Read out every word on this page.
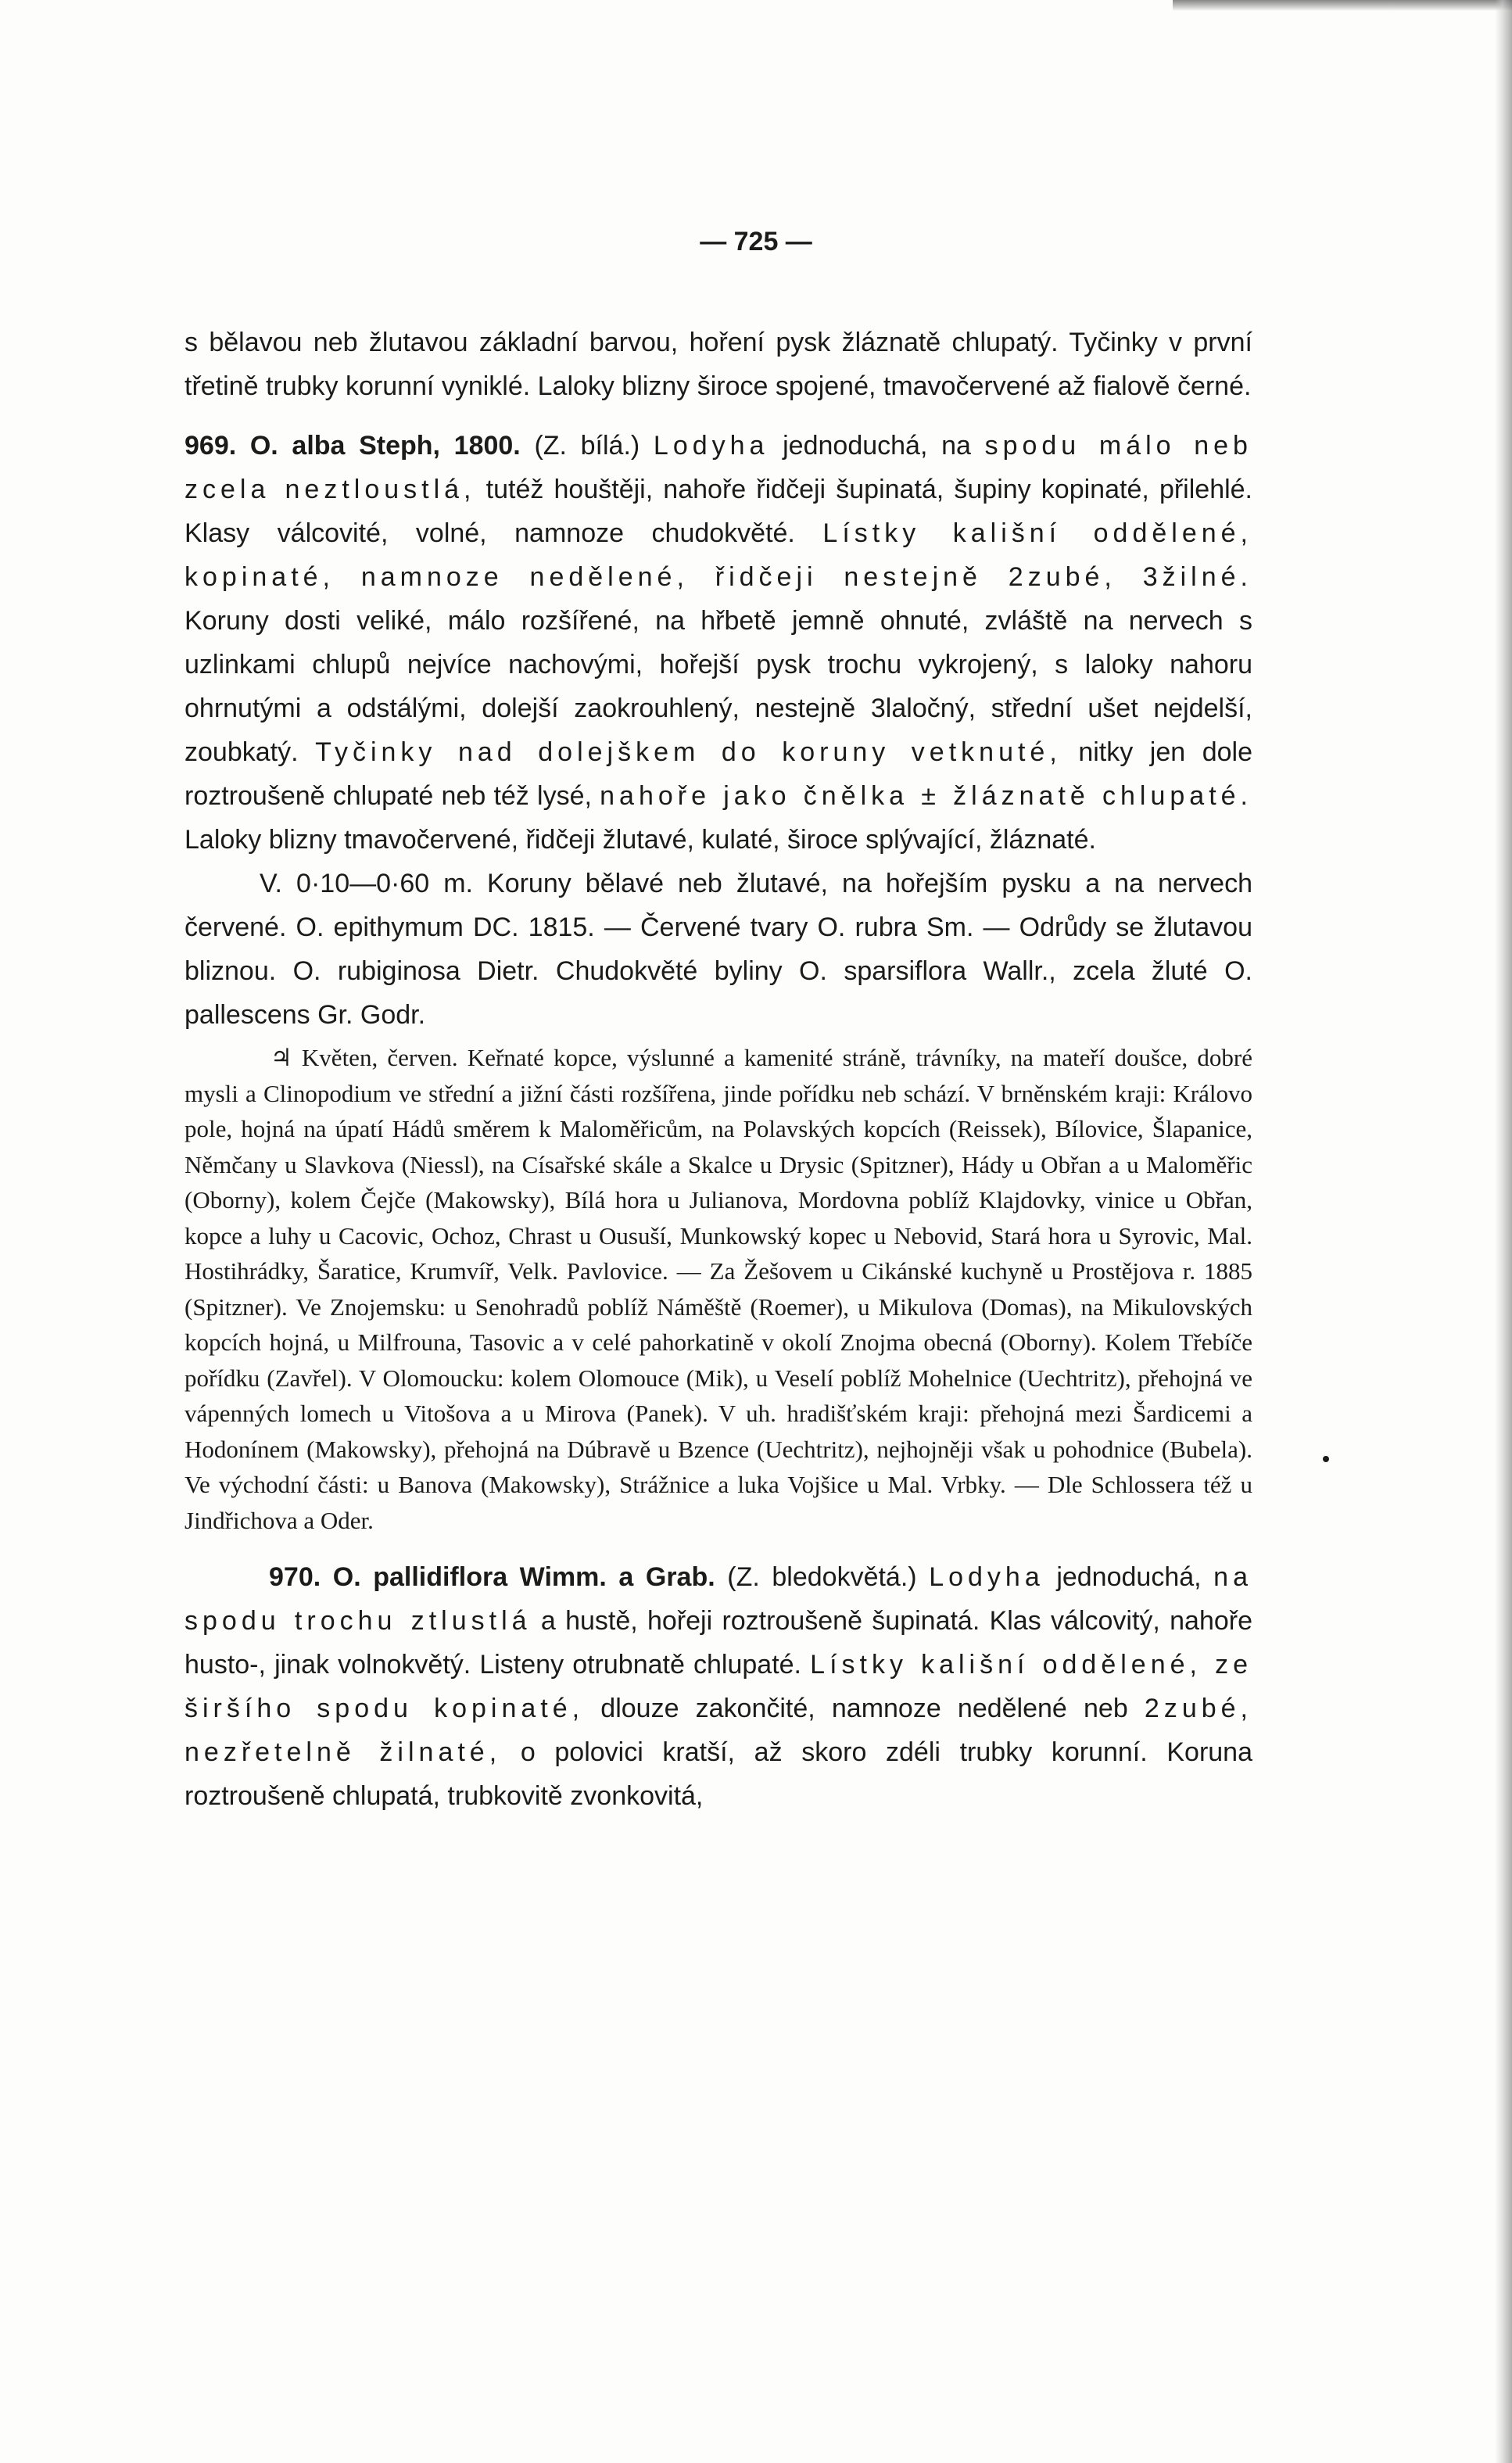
— 725 —

s bělavou neb žlutavou základní barvou, hoření pysk žláznatě chlupatý. Tyčinky v první třetině trubky korunní vyniklé. Laloky blizny široce spojené, tmavočervené až fialově černé.

969. O. alba Steph, 1800. (Z. bílá.) Lodyha jednoduchá, na spodu málo neb zcela neztloustlá, tutéž houštěji, nahoře řidčeji šupinatá, šupiny kopinaté, přilehlé. Klasy válcovité, volné, namnoze chudokvěté. Lístky kališní oddělené, kopinaté, namnoze nedělené, řidčeji nestejně 2zubé, 3žilné. Koruny dosti veliké, málo rozšířené, na hřbetě jemně ohnuté, zvláště na nervech s uzlinkami chlupů nejvíce nachovými, hořejší pysk trochu vykrojený, s laloky nahoru ohrnutými a odstálými, dolejší zaokrouhlený, nestejně 3laločný, střední ušet nejdelší, zoubkatý. Tyčinky nad dolejškem do koruny vetknuté, nitky jen dole roztroušeně chlupaté neb též lysé, nahoře jako čnělka ± žláznatě chlupaté. Laloky blizny tmavočervené, řidčeji žlutavé, kulaté, široce splývající, žláznaté.

V. 0·10—0·60 m. Koruny bělavé neb žlutavé, na hořejším pysku a na nervech červené. O. epithymum DC. 1815. — Červené tvary O. rubra Sm. — Odrůdy se žlutavou bliznou. O. rubiginosa Dietr. Chudokvěté byliny O. sparsiflora Wallr., zcela žluté O. pallescens Gr. Godr.

♃ Květen, červen. Keřnaté kopce, výslunné a kamenité stráně, trávníky, na mateří doušce, dobré mysli a Clinopodium ve střední a jižní části rozšířena, jinde pořídku neb schází. V brněnském kraji: Královo pole, hojná na úpatí Hádů směrem k Maloměřicům, na Polavských kopcích (Reissek), Bílovice, Šlapanice, Němčany u Slavkova (Niessl), na Císařské skále a Skalce u Drysic (Spitzner), Hády u Obřan a u Maloměřic (Oborny), kolem Čejče (Makowsky), Bílá hora u Julianova, Mordovna poblíž Klajdovky, vinice u Obřan, kopce a luhy u Cacovic, Ochoz, Chrast u Ousuší, Munkowský kopec u Nebovid, Stará hora u Syrovic, Mal. Hostihrádky, Šaratice, Krumvíř, Velk. Pavlovice. — Za Žešovem u Cikánské kuchyně u Prostějova r. 1885 (Spitzner). Ve Znojemsku: u Senohradů poblíž Náměště (Roemer), u Mikulova (Domas), na Mikulovských kopcích hojná, u Milfrouna, Tasovic a v celé pahorkatině v okolí Znojma obecná (Oborny). Kolem Třebíče pořídku (Zavřel). V Olomoucku: kolem Olomouce (Mik), u Veselí poblíž Mohelnice (Uechtritz), přehojná ve vápenných lomech u Vitošova a u Mirova (Panek). V uh. hradišťském kraji: přehojná mezi Šardicemi a Hodonínem (Makowsky), přehojná na Dúbravě u Bzence (Uechtritz), nejhojněji však u pohodnice (Bubela). Ve východní části: u Banova (Makowsky), Strážnice a luka Vojšice u Mal. Vrbky. — Dle Schlossera též u Jindřichova a Oder.

970. O. pallidiflora Wimm. a Grab. (Z. bledokvětá.) Lodyha jednoduchá, na spodu trochu ztlustlá a hustě, hořeji roztroušeně šupinatá. Klas válcovitý, nahoře husto-, jinak volnokvětý. Listeny otrubnatě chlupaté. Lístky kališní oddělené, ze širšího spodu kopinaté, dlouze zakončité, namnoze nedělené neb 2zubé, nezřetelně žilnaté, o polovici kratší, až skoro zdéli trubky korunní. Koruna roztroušeně chlupatá, trubkovitě zvonkovitá,
